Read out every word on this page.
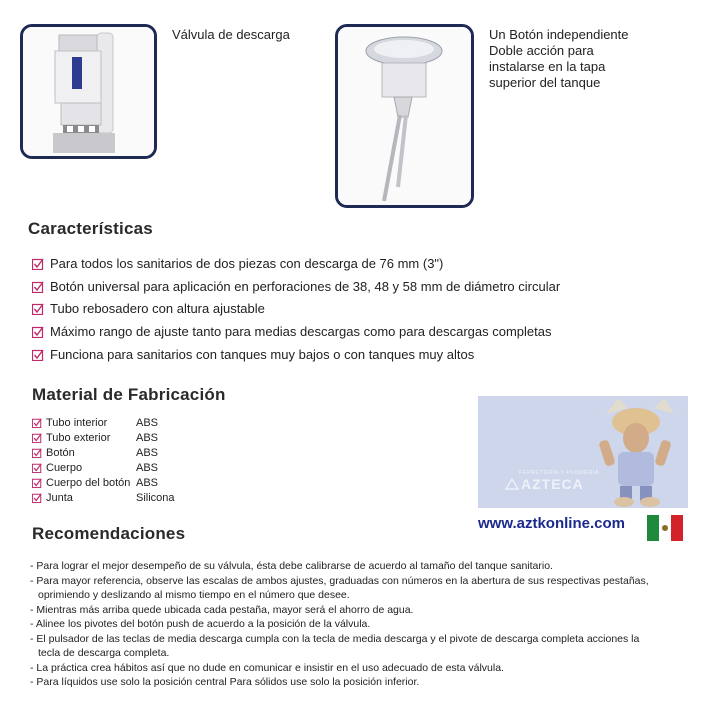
Válvula de descarga	Un Botón independiente
Doble acción para
instalarse en la tapa
superior del tanque
Características
Para todos los sanitarios de dos piezas con descarga de 76 mm (3")
Botón universal para aplicación en perforaciones de 38, 48 y 58 mm de diámetro circular
Tubo rebosadero con altura ajustable
Máximo rango de ajuste tanto para medias descargas como para descargas completas
Funciona para sanitarios con tanques muy bajos o con tanques muy altos
Material de Fabricación
Tubo interior	ABS
Tubo exterior	ABS
Botón	ABS
Cuerpo	ABS
Cuerpo del botón ABS
Junta	Silicona
FERRETERÍA Y PLOMERÍA
AZTECA
www.aztkonline.com
Recomendaciones

- Para lograr el mejor desempeño de su válvula, ésta debe calibrarse de acuerdo al tamaño del tanque sanitario.

- Para mayor referencia, observe las escalas de ambos ajustes, graduadas con números en la abertura de sus respectivas pestañas,

oprimiendo y deslizando al mismo tiempo en el número que desee.

- Mientras más arriba quede ubicada cada pestaña, mayor será el ahorro de agua.

- Alinee los pivotes del botón push de acuerdo a la posición de la válvula.

- El pulsador de las teclas de media descarga cumpla con la tecla de media descarga y el pivote de descarga completa acciones la

tecla de descarga completa.

- La práctica crea hábitos así que no dude en comunicar e insistir en el uso adecuado de esta válvula.

- Para líquidos use solo la posición central Para sólidos use solo la posición inferior.
